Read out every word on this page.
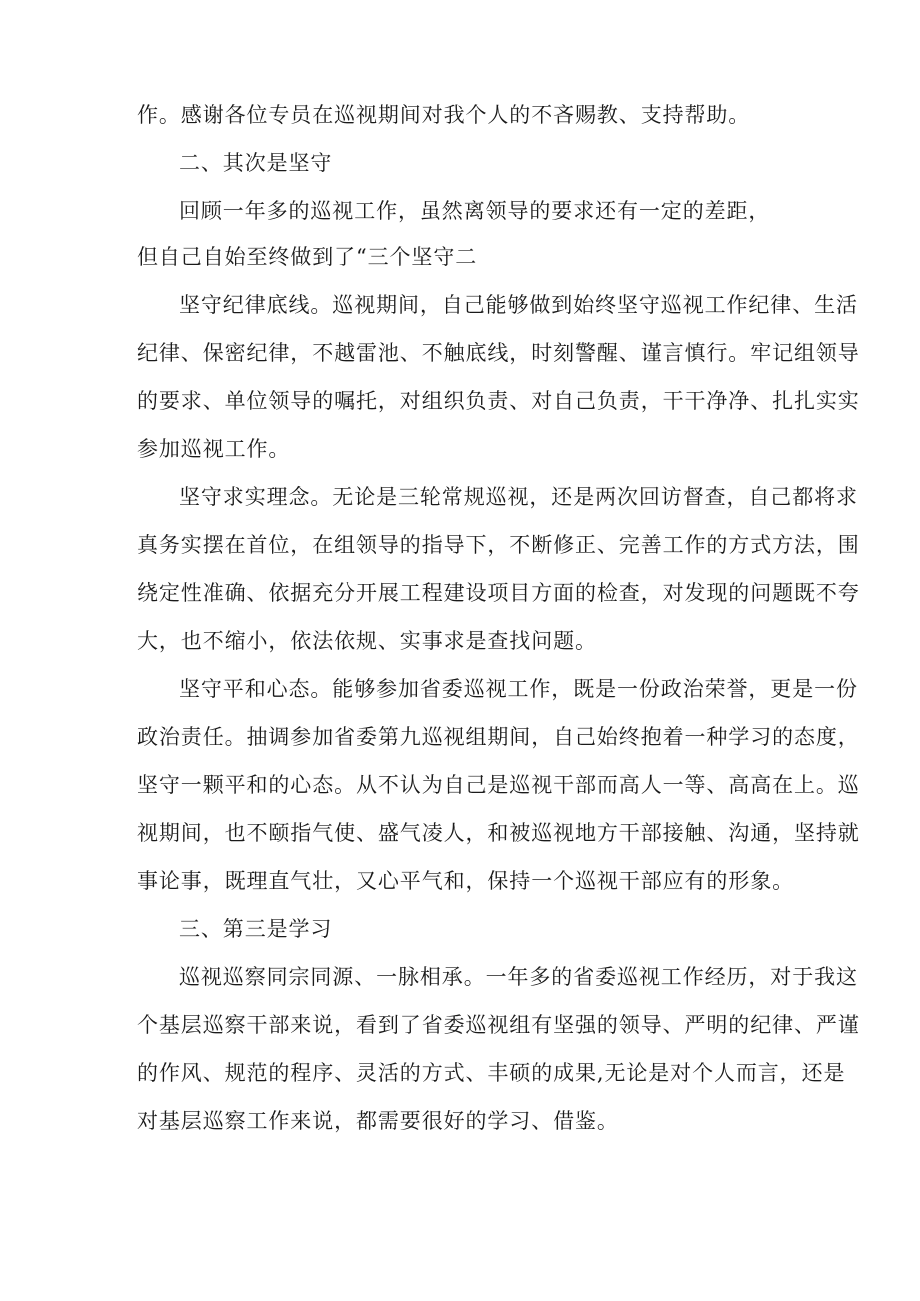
作。感谢各位专员在巡视期间对我个人的不吝赐教、支持帮助。
二、其次是坚守
回顾一年多的巡视工作，虽然离领导的要求还有一定的差距，
但自己自始至终做到了“三个坚守二
坚守纪律底线。巡视期间，自己能够做到始终坚守巡视工作纪律、生活
纪律、保密纪律，不越雷池、不触底线，时刻警醒、谨言慎行。牢记组领导
的要求、单位领导的嘱托，对组织负责、对自己负责，干干净净、扎扎实实
参加巡视工作。
坚守求实理念。无论是三轮常规巡视，还是两次回访督查，自己都将求
真务实摆在首位，在组领导的指导下，不断修正、完善工作的方式方法，围
绕定性准确、依据充分开展工程建设项目方面的检查，对发现的问题既不夸
大，也不缩小，依法依规、实事求是查找问题。
坚守平和心态。能够参加省委巡视工作，既是一份政治荣誉，更是一份
政治责任。抽调参加省委第九巡视组期间，自己始终抱着一种学习的态度，
坚守一颗平和的心态。从不认为自己是巡视干部而高人一等、高高在上。巡
视期间，也不颐指气使、盛气凌人，和被巡视地方干部接触、沟通，坚持就
事论事，既理直气壮，又心平气和，保持一个巡视干部应有的形象。
三、第三是学习
巡视巡察同宗同源、一脉相承。一年多的省委巡视工作经历，对于我这
个基层巡察干部来说，看到了省委巡视组有坚强的领导、严明的纪律、严谨
的作风、规范的程序、灵活的方式、丰硕的成果,无论是对个人而言，还是
对基层巡察工作来说，都需要很好的学习、借鉴。
